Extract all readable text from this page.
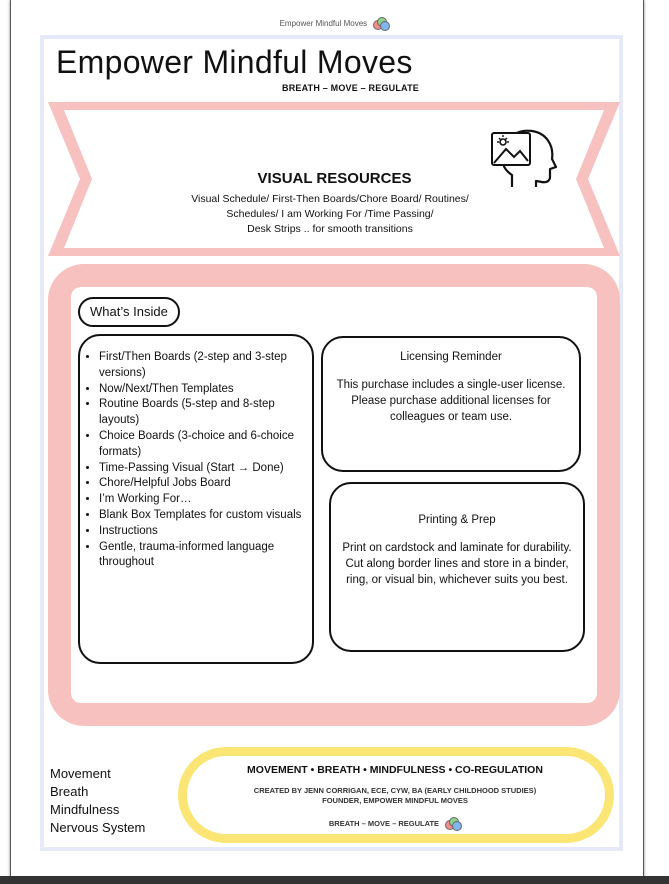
Empower Mindful Moves
Empower Mindful Moves
BREATH – MOVE – REGULATE
VISUAL RESOURCES
Visual Schedule/ First-Then Boards/Chore Board/ Routines/
Schedules/ I am Working For /Time Passing/
Desk Strips .. for smooth transitions
What’s Inside
• First/Then Boards (2-step and 3-step versions)
• Now/Next/Then Templates
• Routine Boards (5-step and 8-step layouts)
• Choice Boards (3-choice and 6-choice formats)
• Time-Passing Visual (Start → Done)
• Chore/Helpful Jobs Board
• I’m Working For…
• Blank Box Templates for custom visuals
• Instructions
• Gentle, trauma-informed language throughout
Licensing Reminder
This purchase includes a single-user license. Please purchase additional licenses for colleagues or team use.
Printing & Prep
Print on cardstock and laminate for durability. Cut along border lines and store in a binder, ring, or visual bin, whichever suits you best.
Movement
Breath
Mindfulness
Nervous System
MOVEMENT • BREATH • MINDFULNESS • CO-REGULATION
CREATED BY JENN CORRIGAN, ECE, CYW, BA (EARLY CHILDHOOD STUDIES)
FOUNDER, EMPOWER MINDFUL MOVES
BREATH – MOVE – REGULATE
